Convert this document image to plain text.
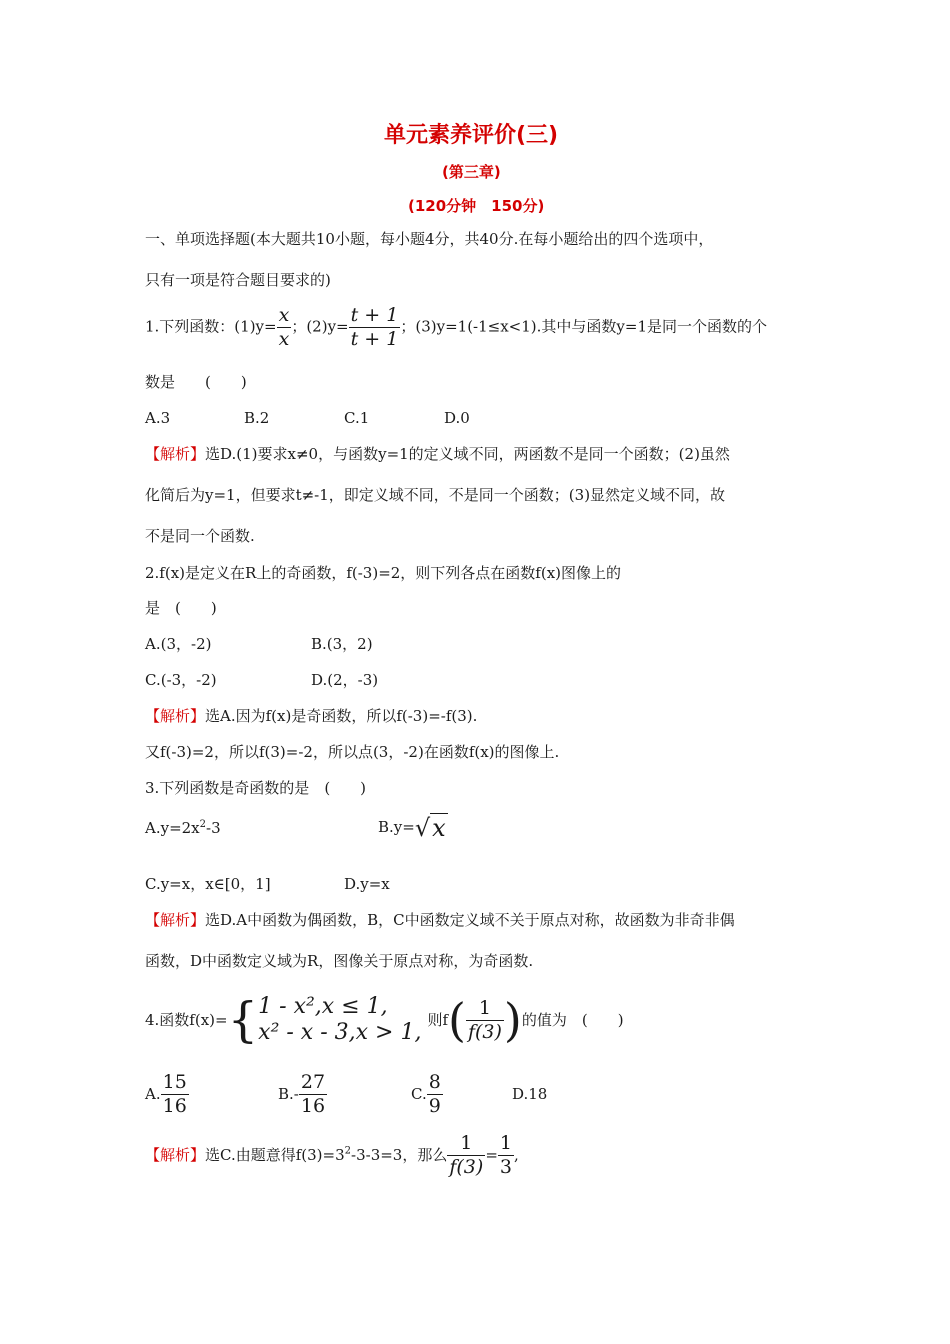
单元素养评价(三)
(第三章)
(120分钟　150分)
一、单项选择题(本大题共10小题，每小题4分，共40分.在每小题给出的四个选项中，
只有一项是符合题目要求的)
1.下列函数：$(1)y= \frac{x}{x}$ ；$(2)y= \frac{t + 1}{t + 1}$ ；(3)y=1(-1≤x<1).其中与函数y=1是同一个函数的个
数是　　(　　)
A.3	B.2	C.1	D.0
【解析】选D.(1)要求x≠0，与函数y=1的定义域不同，两函数不是同一个函数；(2)虽然
化简后为y=1，但要求t≠-1，即定义域不同，不是同一个函数；(3)显然定义域不同，故
不是同一个函数.
2.f(x)是定义在R上的奇函数，f(-3)=2，则下列各点在函数f(x)图像上的
是　(　　)
A.(3，-2)	B.(3，2)
C.(-3，-2)	D.(2，-3)
【解析】选A.因为f(x)是奇函数，所以f(-3)=-f(3).
又f(-3)=2，所以f(3)=-2，所以点(3，-2)在函数f(x)的图像上.
3.下列函数是奇函数的是　(　　)
$A.y=2x^2-3$	B.y=√x
C.y=x，x∈[0，1]	D.y=x
【解析】选D.A中函数为偶函数，B，C中函数定义域不关于原点对称，故函数为非奇非偶
函数，D中函数定义域为R，图像关于原点对称，为奇函数.
4.函数f(x)={ 1 - x²,x ≤ 1,
x² - x - 3,x > 1,
则$f( \frac{1}{f(3)}$ )的值为　(　　)
A. $\frac{15}{16}$	$B.- \frac{27}{16}$	C. $\frac{8}{9}$	D.18
【解析】选C.由题意得$f(3)=3^2-3-3=3$，那么 $\frac{1}{f(3)} = \frac{1}{3}$ ,
